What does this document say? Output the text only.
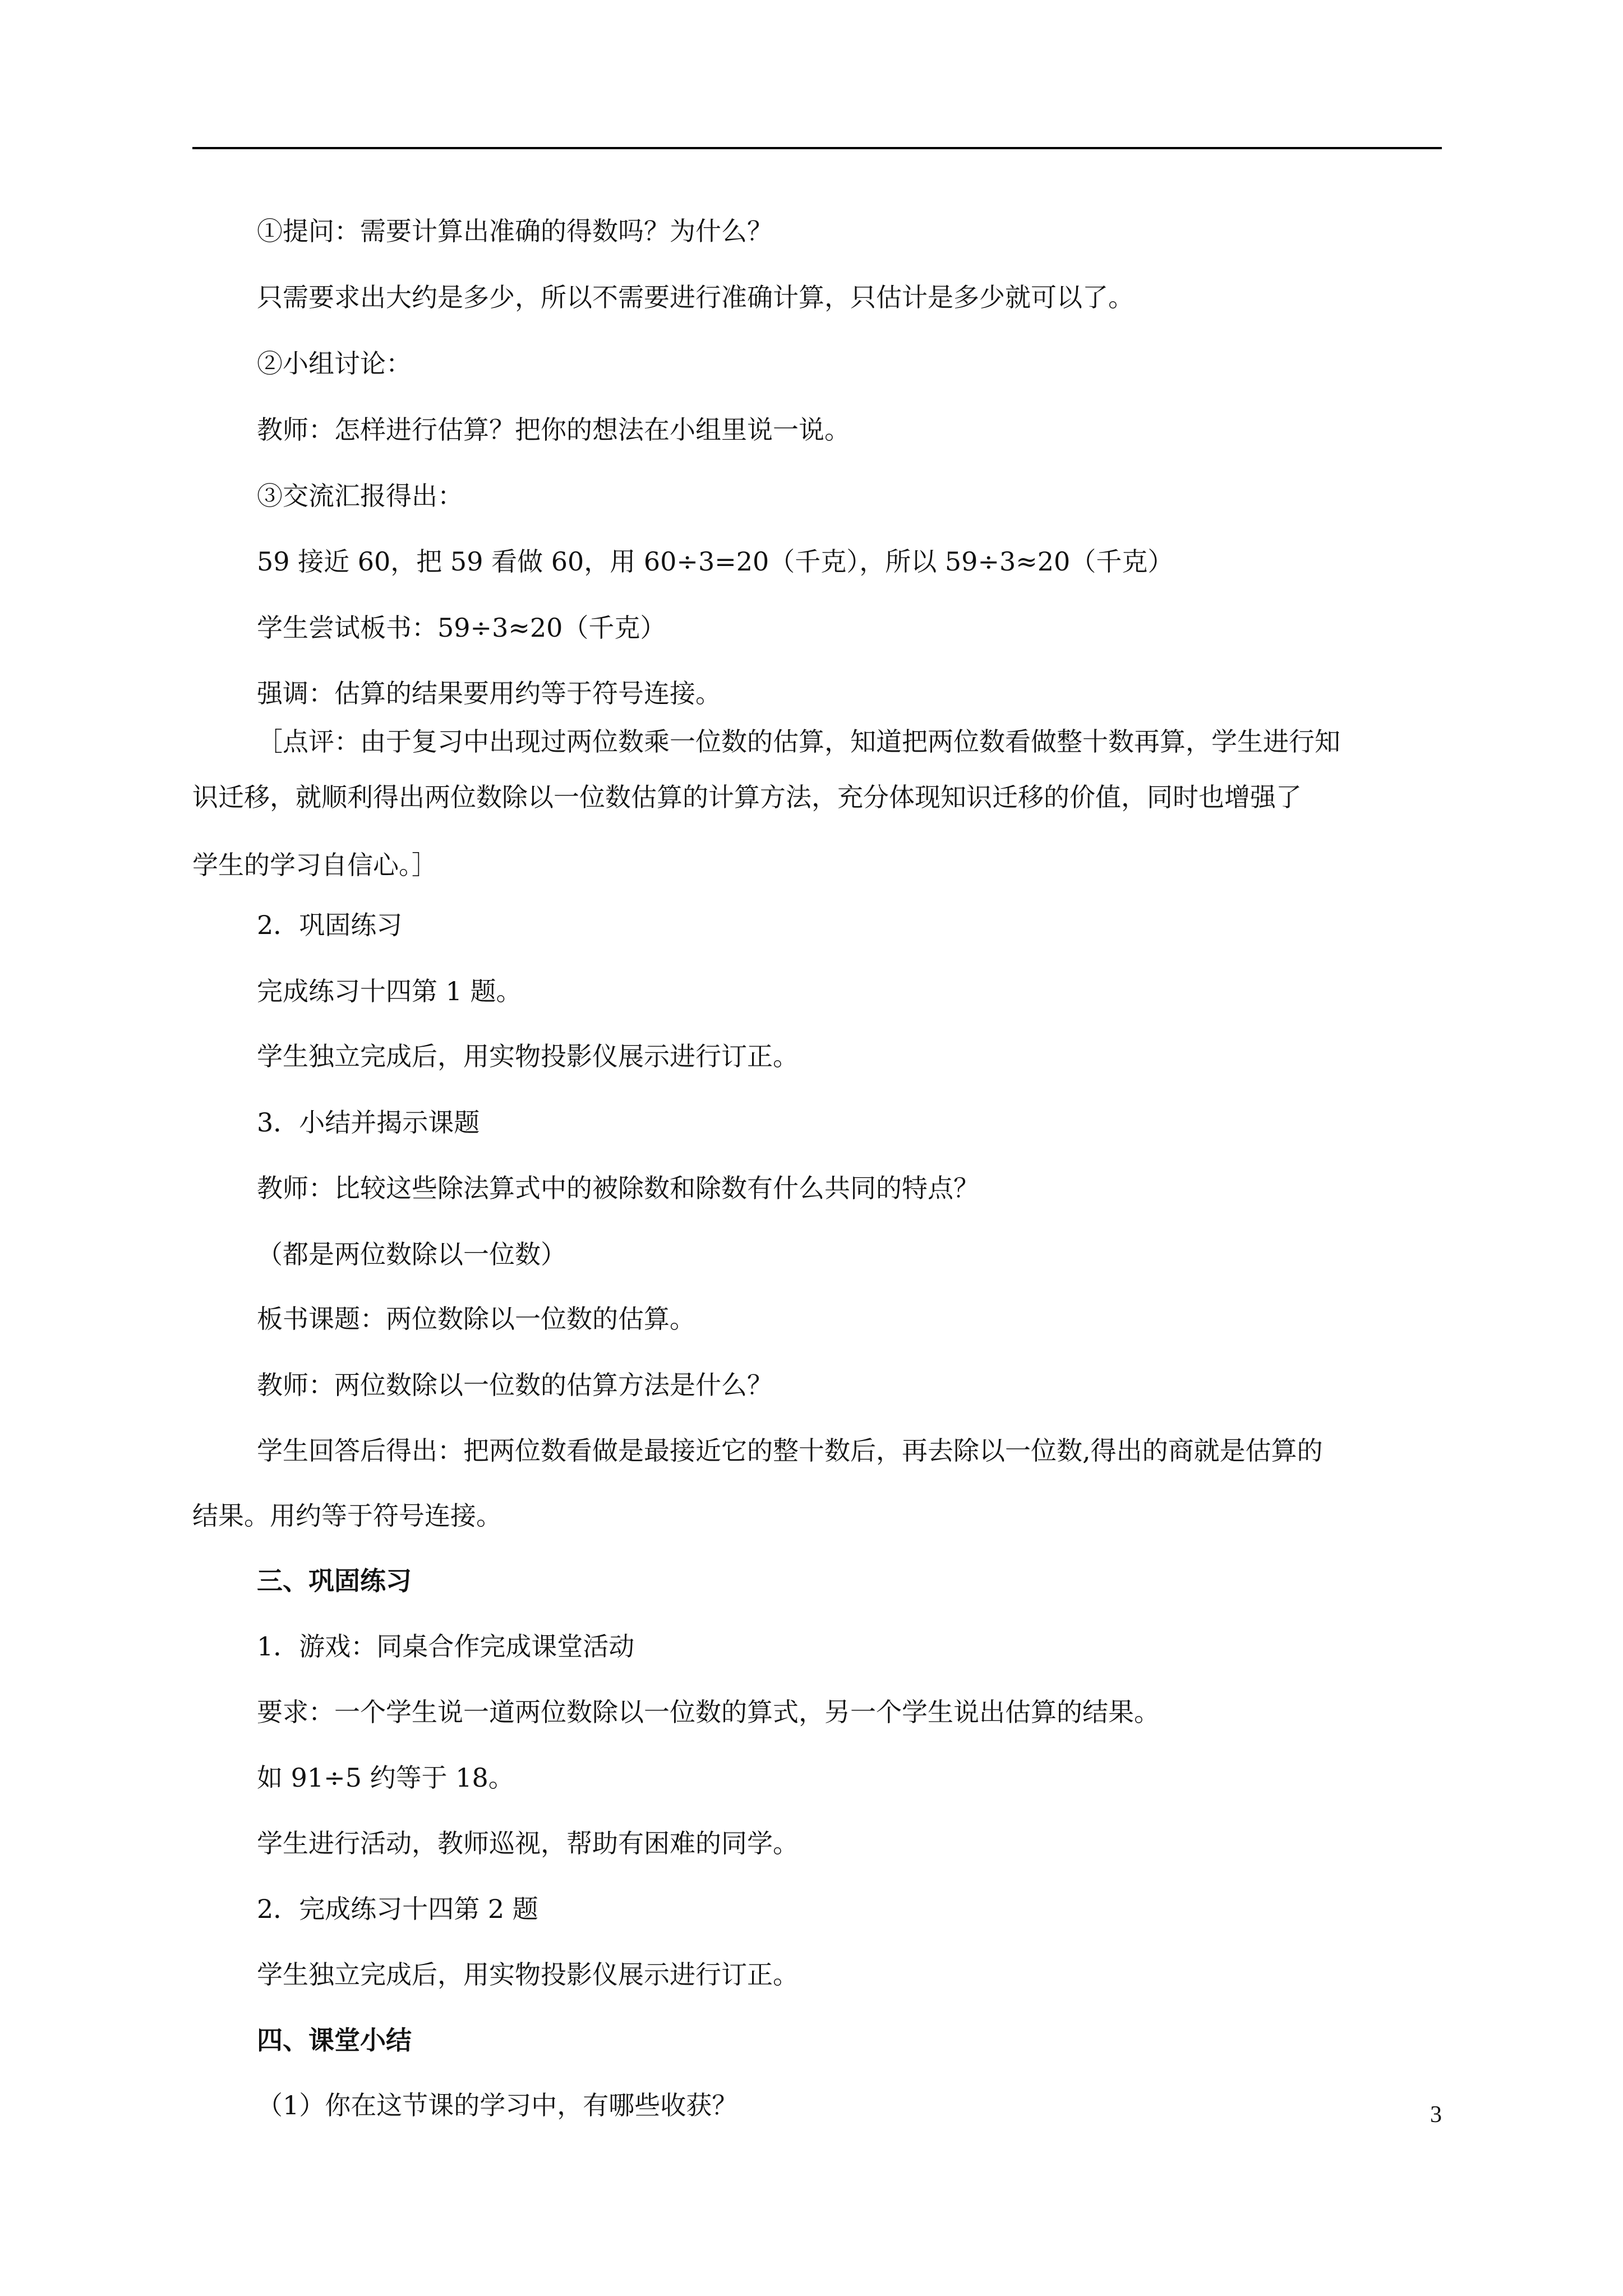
①提问：需要计算出准确的得数吗？为什么？
只需要求出大约是多少，所以不需要进行准确计算，只估计是多少就可以了。
②小组讨论：
教师：怎样进行估算？把你的想法在小组里说一说。
③交流汇报得出：
59 接近 60，把 59 看做 60，用 60÷3=20（千克），所以 59÷3≈20（千克）
学生尝试板书：59÷3≈20（千克）
强调：估算的结果要用约等于符号连接。
［点评：由于复习中出现过两位数乘一位数的估算，知道把两位数看做整十数再算，学生进行知
识迁移，就顺利得出两位数除以一位数估算的计算方法，充分体现知识迁移的价值，同时也增强了
学生的学习自信心。］
2．巩固练习
完成练习十四第 1 题。
学生独立完成后，用实物投影仪展示进行订正。
3．小结并揭示课题
教师：比较这些除法算式中的被除数和除数有什么共同的特点？
（都是两位数除以一位数）
板书课题：两位数除以一位数的估算。
教师：两位数除以一位数的估算方法是什么？
学生回答后得出：把两位数看做是最接近它的整十数后，再去除以一位数,得出的商就是估算的
结果。用约等于符号连接。
三、巩固练习
1．游戏：同桌合作完成课堂活动
要求：一个学生说一道两位数除以一位数的算式，另一个学生说出估算的结果。
如 91÷5 约等于 18。
学生进行活动，教师巡视，帮助有困难的同学。
2．完成练习十四第 2 题
学生独立完成后，用实物投影仪展示进行订正。
四、课堂小结
（1）你在这节课的学习中，有哪些收获？	3
